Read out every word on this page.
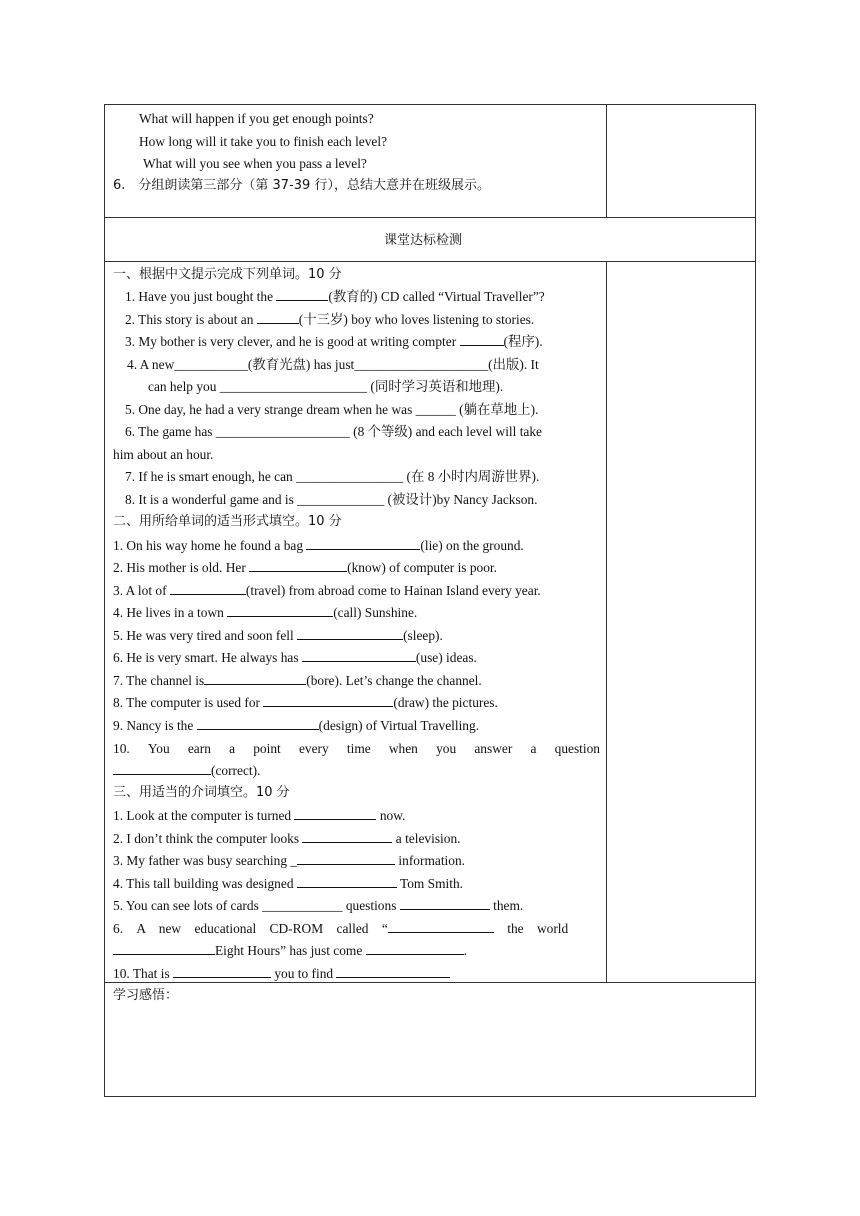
What will happen if you get enough points?
How long will it take you to finish each level?
What will you see when you pass a level?
6.　分组朗读第三部分（第 37-39 行），总结大意并在班级展示。
课堂达标检测
一、根据中文提示完成下列单词。10 分
1. Have you just bought the	(教育的) CD called “Virtual Traveller”?
2. This story is about an	(十三岁) boy who loves listening to stories.
3. My bother is very clever, and he is good at writing compter	(程序).
4. A new___________(教育光盘) has just____________________(出版). It
can help you ______________________ (同时学习英语和地理).
5. One day, he had a very strange dream when he was ______ (躺在草地上).
6. The game has ____________________ (8 个等级) and each level will take
him about an hour.
7. If he is smart enough, he can ________________ (在 8 小时内周游世界).
8. It is a wonderful game and is _____________ (被设计)by Nancy Jackson.
二、用所给单词的适当形式填空。10 分
1. On his way home he found a bag	(lie) on the ground.
2. His mother is old. Her	(know) of computer is poor.
3. A lot of	(travel) from abroad come to Hainan Island every year.
4. He lives in a town	(call) Sunshine.
5. He was very tired and soon fell	(sleep).
6. He is very smart. He always has	(use) ideas.
7. The channel is	(bore). Let’s change the channel.
8. The computer is used for	(draw) the pictures.
9. Nancy is the	(design) of Virtual Travelling.
10.　You　earn　a　point　every　time　when　you　answer　a　question
(correct).
三、用适当的介词填空。10 分
1. Look at the computer is turned	now.
2. I don’t think the computer looks	a television.
3. My father was busy searching _	information.
4. This tall building was designed	Tom Smith.
5. You can see lots of cards ____________ questions	them.
6.　A　new　educational　CD-ROM　called　“	　the　world
Eight Hours” has just come	.
10. That is	you to find
学习感悟：
